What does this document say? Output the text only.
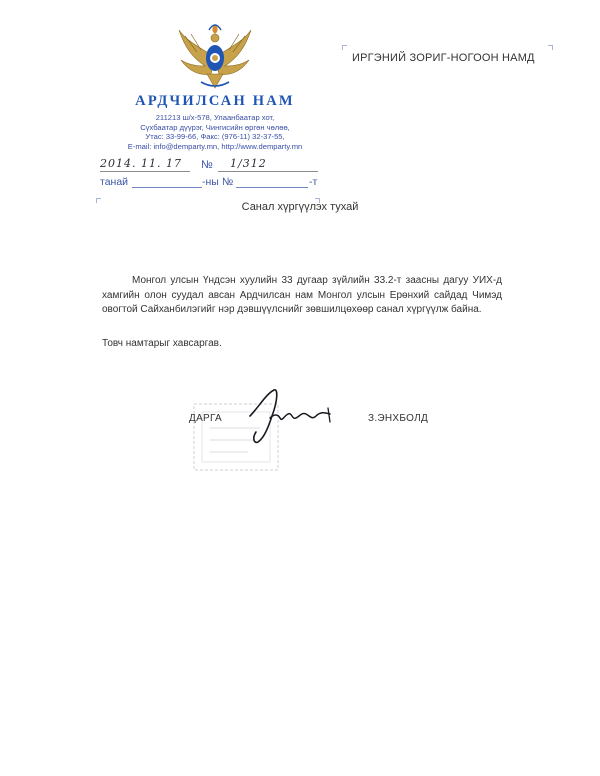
АРДЧИЛСАН НАМ
211213 ш/х-578, Улаанбаатар хот,
Сүхбаатар дүүрэг, Чингисийн өргөн чөлөө,
Утас: 33-99-66, Факс: (976-11) 32-37-55,
E-mail: info@demparty.mn, http://www.demparty.mn
ИРГЭНИЙ ЗОРИГ-НОГООН НАМД
2014. 11. 17 № 1/312
танай	-ны №	-т
Санал хүргүүлэх тухай
Монгол улсын Үндсэн хуулийн 33 дугаар зүйлийн 33.2-т заасны дагуу УИХ-д хамгийн олон суудал авсан Ардчилсан нам Монгол улсын Ерөнхий сайдад Чимэд овогтой Сайханбилэгийг нэр дэвшүүлснийг зөвшилцөхөөр санал хүргүүлж байна.
Товч намтарыг хавсаргав.
ДАРГА	З.ЭНХБОЛД
